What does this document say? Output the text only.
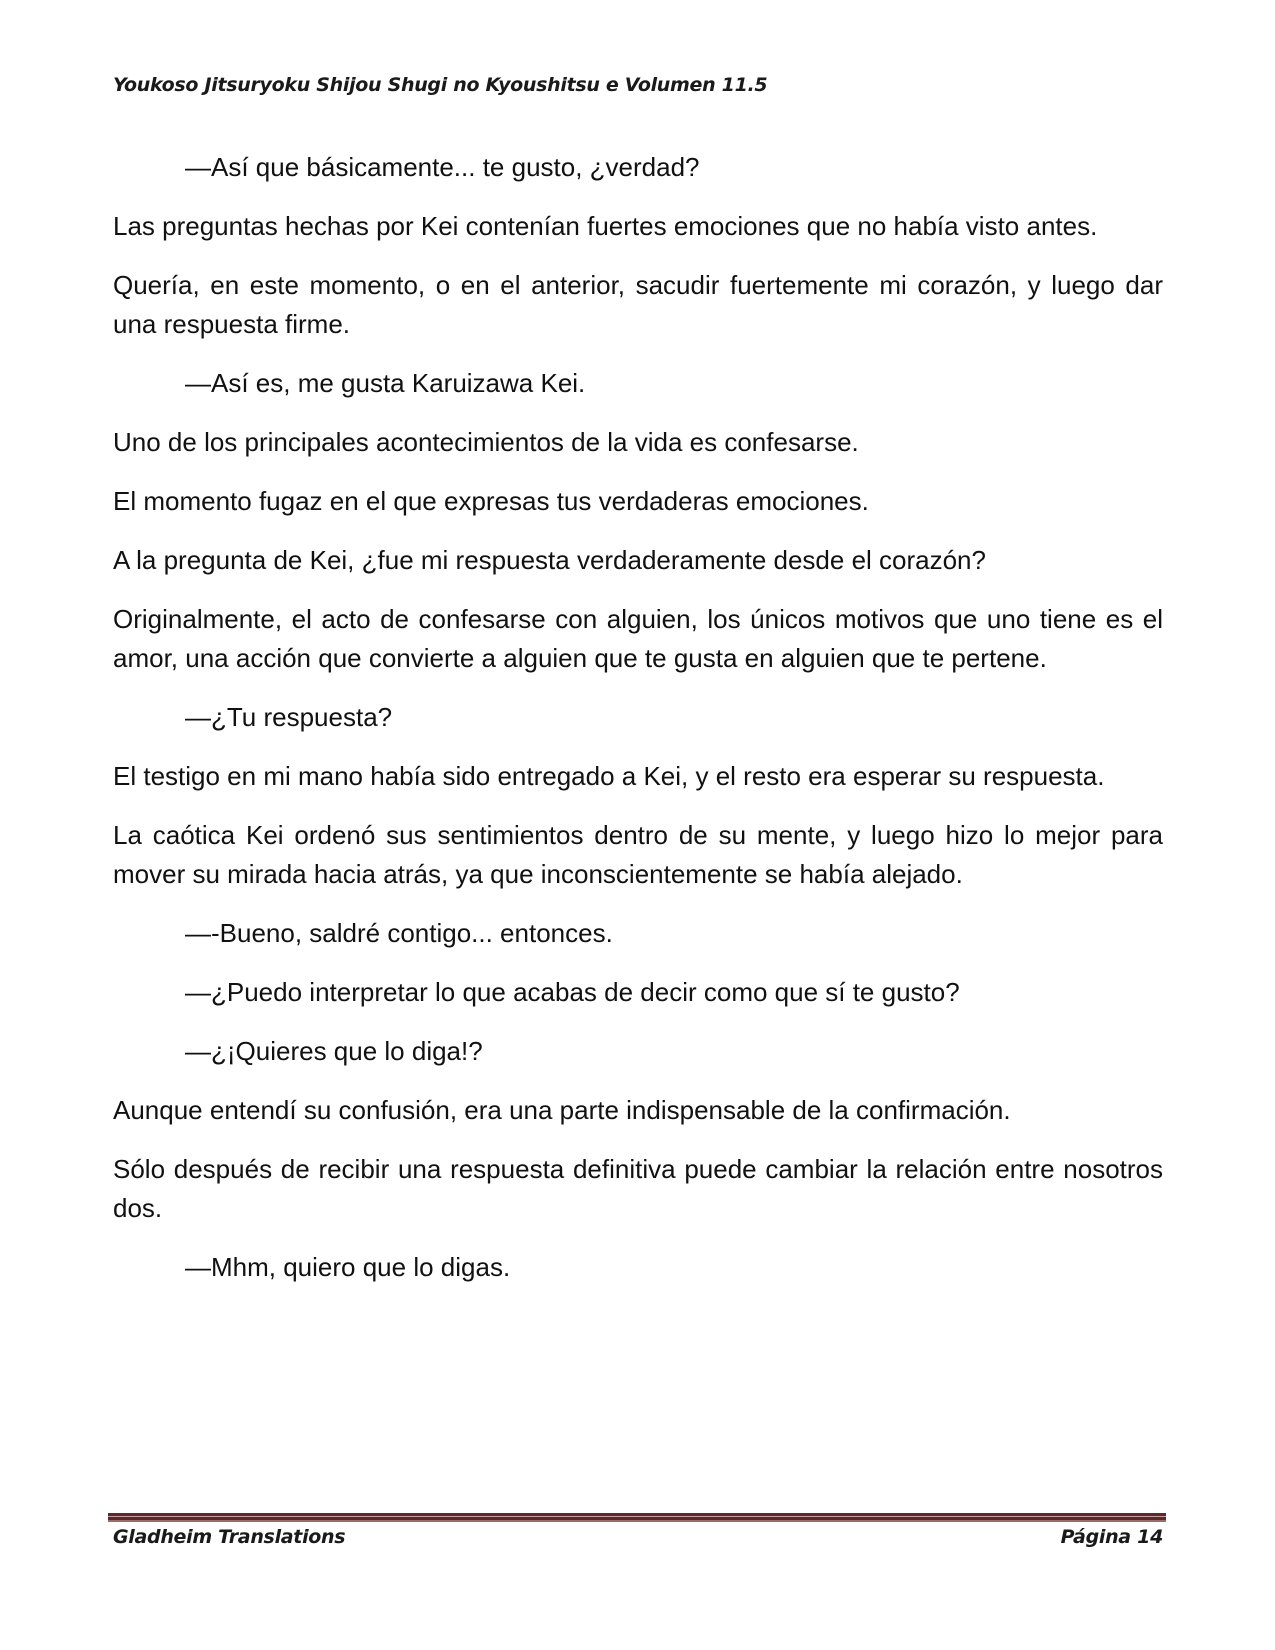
Youkoso Jitsuryoku Shijou Shugi no Kyoushitsu e Volumen 11.5

—Así que básicamente... te gusto, ¿verdad?

Las preguntas hechas por Kei contenían fuertes emociones que no había visto antes.

Quería, en este momento, o en el anterior, sacudir fuertemente mi corazón, y luego dar una respuesta firme.

—Así es, me gusta Karuizawa Kei.

Uno de los principales acontecimientos de la vida es confesarse.

El momento fugaz en el que expresas tus verdaderas emociones.

A la pregunta de Kei, ¿fue mi respuesta verdaderamente desde el corazón?

Originalmente, el acto de confesarse con alguien, los únicos motivos que uno tiene es el amor, una acción que convierte a alguien que te gusta en alguien que te pertene.

—¿Tu respuesta?

El testigo en mi mano había sido entregado a Kei, y el resto era esperar su respuesta.

La caótica Kei ordenó sus sentimientos dentro de su mente, y luego hizo lo mejor para mover su mirada hacia atrás, ya que inconscientemente se había alejado.

—-Bueno, saldré contigo... entonces.

—¿Puedo interpretar lo que acabas de decir como que sí te gusto?

—¿¡Quieres que lo diga!?

Aunque entendí su confusión, era una parte indispensable de la confirmación.

Sólo después de recibir una respuesta definitiva puede cambiar la relación entre nosotros dos.

—Mhm, quiero que lo digas.

Gladheim Translations	Página 14
